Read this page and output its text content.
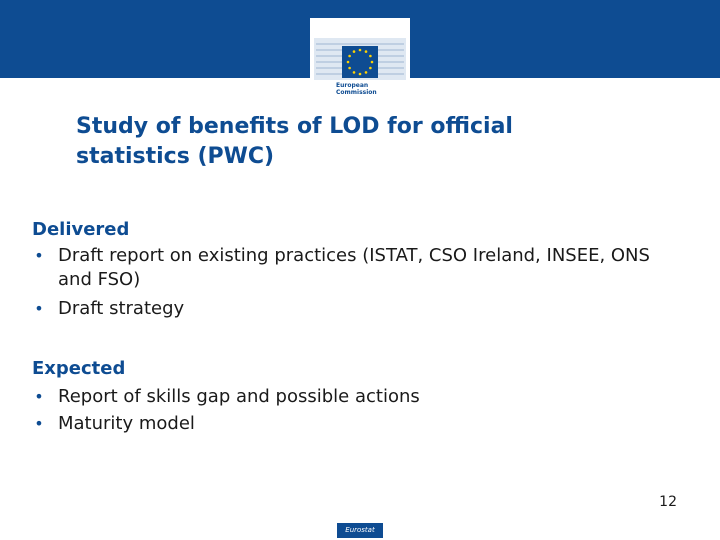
European
Commission
Study of benefits of LOD for official
statistics (PWC)
Delivered
• Draft report on existing practices (ISTAT, CSO Ireland, INSEE, ONS and FSO)
• Draft strategy
Expected
• Report of skills gap and possible actions
• Maturity model
12
Eurostat
